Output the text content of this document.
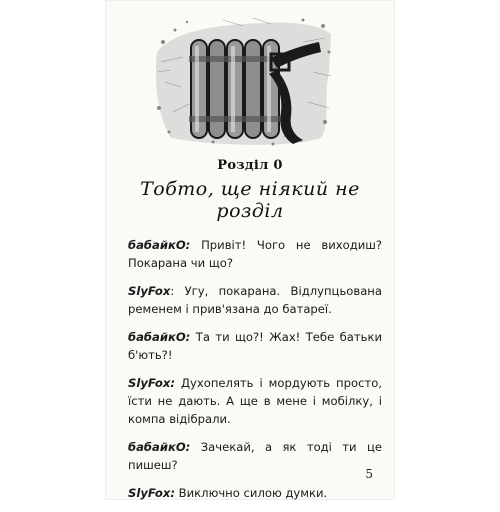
Розділ 0
Тобто, ще ніякий не розділ

бабайкО: Привіт! Чого не виходиш? Покарана чи що?

SlyFox: Угу, покарана. Відлупцьована ременем і прив'язана до батареї.

бабайкО: Та ти що?! Жах! Тебе батьки б'ють?!

SlyFox: Духопелять і мордують просто, їсти не дають. А ще в мене і мобілку, і компа відібрали.

бабайкО: Зачекай, а як тоді ти це пишеш?

SlyFox: Виключно силою думки.

5
